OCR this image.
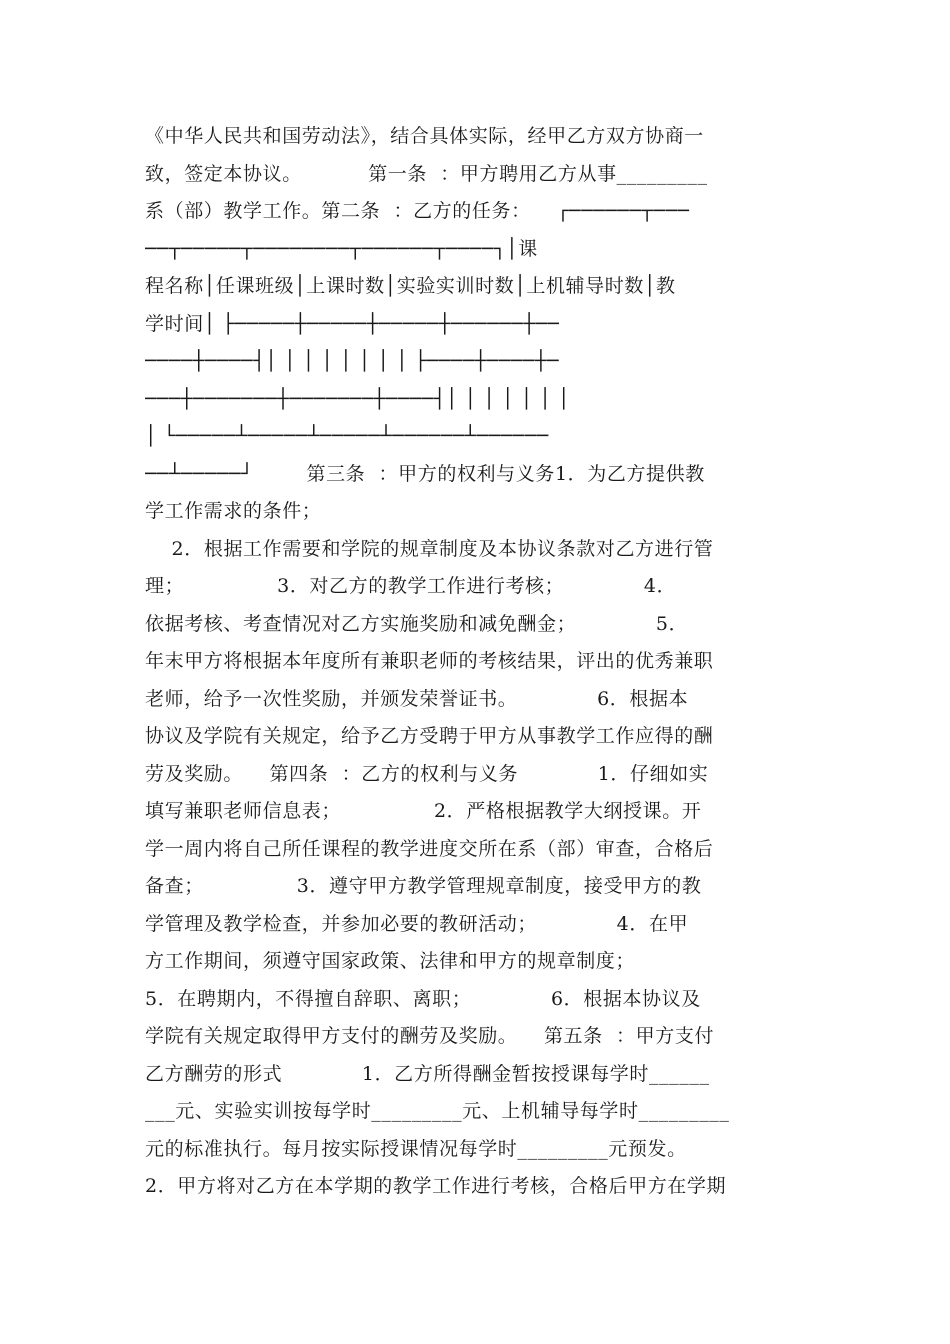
《中华人民共和国劳动法》，结合具体实际，经甲乙方双方协商一
致，签定本协议。          第一条  ：甲方聘用乙方从事_________
系（部）教学工作。第二条  ：乙方的任务：    ┌──────┬───
──┬─────┬────────┬──────┬────┐│课
程名称│任课班级│上课时数│实验实训时数│上机辅导时数│教
学时间│ ├─────┼─────┼─────┼──────┼──
────┼────┤│ │ │ │ │ │ │ │ ├────┼────┼─
───┼───────┼───────┼────┤│ │ │ │ │ │ │
│ └─────┴─────┴─────┴──────┴──────
──┴─────┘        第三条  ：甲方的权利与义务1．为乙方提供教
学工作需求的条件；
2．根据工作需要和学院的规章制度及本协议条款对乙方进行管
理；              3．对乙方的教学工作进行考核；            4．
依据考核、考查情况对乙方实施奖励和减免酬金；            5．
年末甲方将根据本年度所有兼职老师的考核结果，评出的优秀兼职
老师，给予一次性奖励，并颁发荣誉证书。            6．根据本
协议及学院有关规定，给予乙方受聘于甲方从事教学工作应得的酬
劳及奖励。    第四条  ：乙方的权利与义务            1．仔细如实
填写兼职老师信息表；              2．严格根据教学大纲授课。开
学一周内将自己所任课程的教学进度交所在系（部）审查，合格后
备查；              3．遵守甲方教学管理规章制度，接受甲方的教
学管理及教学检查，并参加必要的教研活动；            4．在甲
方工作期间，须遵守国家政策、法律和甲方的规章制度；
5．在聘期内，不得擅自辞职、离职；            6．根据本协议及
学院有关规定取得甲方支付的酬劳及奖励。    第五条  ：甲方支付
乙方酬劳的形式            1．乙方所得酬金暂按授课每学时______
___元、实验实训按每学时_________元、上机辅导每学时_________
元的标准执行。每月按实际授课情况每学时_________元预发。
2．甲方将对乙方在本学期的教学工作进行考核，合格后甲方在学期
